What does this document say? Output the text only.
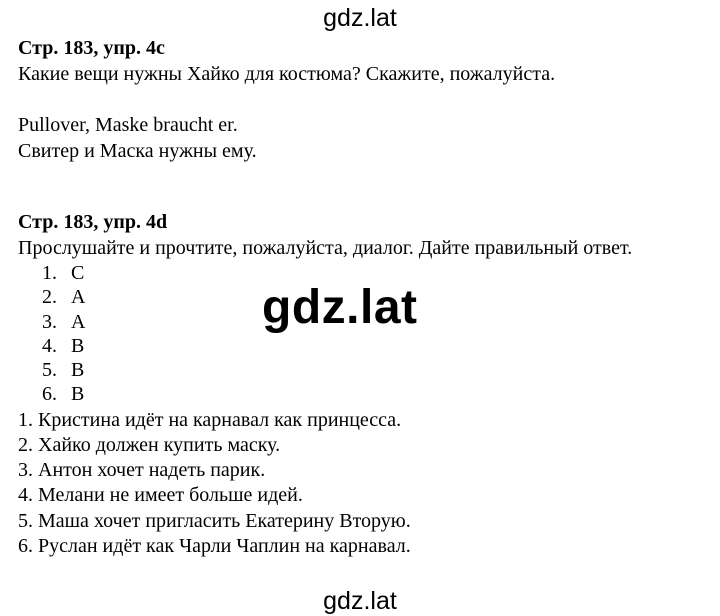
gdz.lat
Стр. 183, упр. 4c
Какие вещи нужны Хайко для костюма? Скажите, пожалуйста.
Pullover, Maske braucht er.
Свитер и Маска нужны ему.
Стр. 183, упр. 4d
Прослушайте и прочтите, пожалуйста, диалог. Дайте правильный ответ.
1. C
2. A
3. A
4. B
5. B
6. B
gdz.lat
1. Кристина идёт на карнавал как принцесса.
2. Хайко должен купить маску.
3. Антон хочет надеть парик.
4. Мелани не имеет больше идей.
5. Маша хочет пригласить Екатерину Вторую.
6. Руслан идёт как Чарли Чаплин на карнавал.
gdz.lat
